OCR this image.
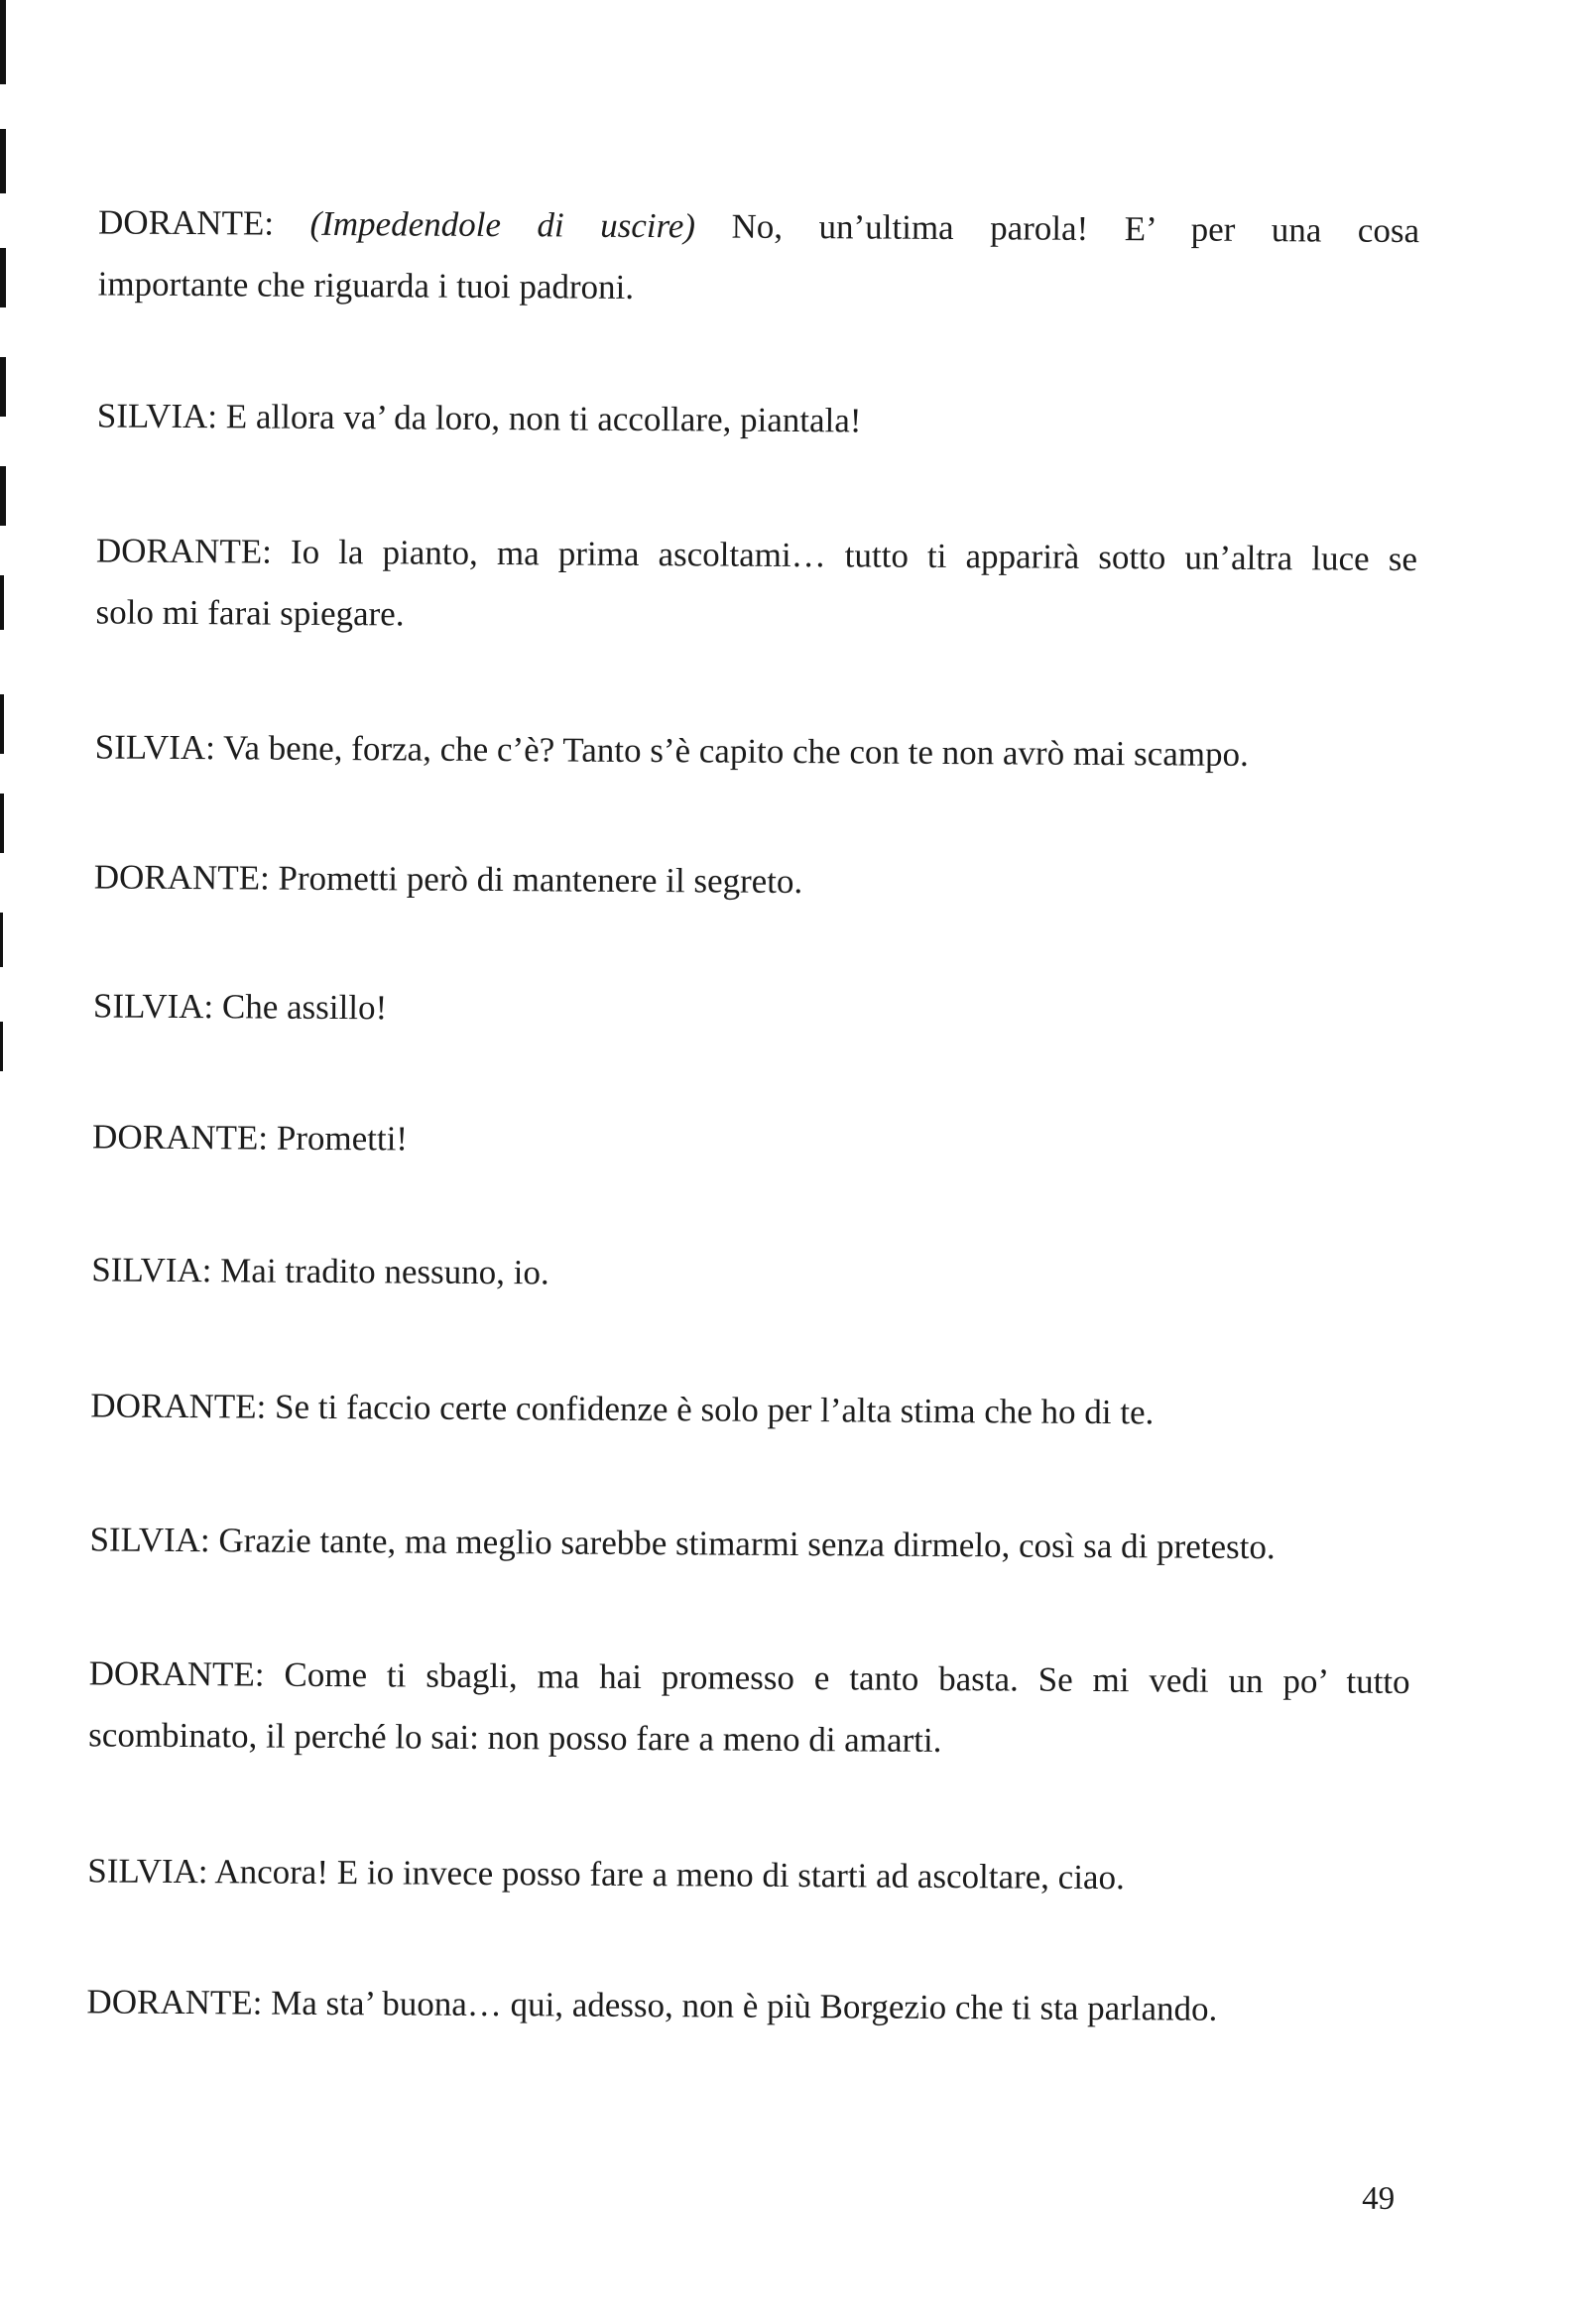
DORANTE: (Impedendole di uscire) No, un’ultima parola! E’ per una cosa
importante che riguarda i tuoi padroni.
SILVIA: E allora va’ da loro, non ti accollare, piantala!
DORANTE: Io la pianto, ma prima ascoltami… tutto ti apparirà sotto un’altra luce se
solo mi farai spiegare.
SILVIA: Va bene, forza, che c’è? Tanto s’è capito che con te non avrò mai scampo.
DORANTE: Prometti però di mantenere il segreto.
SILVIA: Che assillo!
DORANTE: Prometti!
SILVIA: Mai tradito nessuno, io.
DORANTE: Se ti faccio certe confidenze è solo per l’alta stima che ho di te.
SILVIA: Grazie tante, ma meglio sarebbe stimarmi senza dirmelo, così sa di pretesto.
DORANTE: Come ti sbagli, ma hai promesso e tanto basta. Se mi vedi un po’ tutto
scombinato, il perché lo sai: non posso fare a meno di amarti.
SILVIA: Ancora! E io invece posso fare a meno di starti ad ascoltare, ciao.
DORANTE: Ma sta’ buona… qui, adesso, non è più Borgezio che ti sta parlando.
49
